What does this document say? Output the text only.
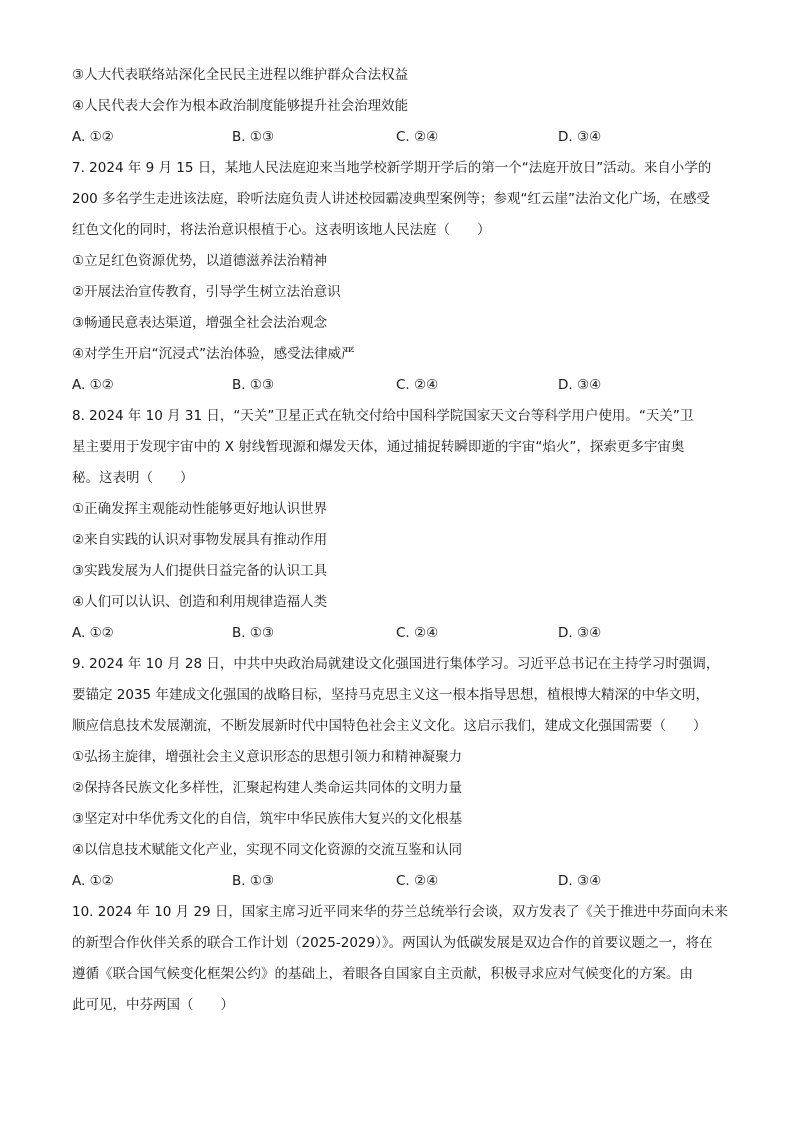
③人大代表联络站深化全民民主进程以维护群众合法权益
④人民代表大会作为根本政治制度能够提升社会治理效能
A. ①②	B. ①③	C. ②④	D. ③④
7. 2024 年 9 月 15 日，某地人民法庭迎来当地学校新学期开学后的第一个“法庭开放日”活动。来自小学的
200 多名学生走进该法庭，聆听法庭负责人讲述校园霸凌典型案例等；参观“红云崖”法治文化广场，在感受
红色文化的同时，将法治意识根植于心。这表明该地人民法庭（　　）
①立足红色资源优势，以道德滋养法治精神
②开展法治宣传教育，引导学生树立法治意识
③畅通民意表达渠道，增强全社会法治观念
④对学生开启“沉浸式”法治体验，感受法律威严
A. ①②	B. ①③	C. ②④	D. ③④
8. 2024 年 10 月 31 日，“天关”卫星正式在轨交付给中国科学院国家天文台等科学用户使用。“天关”卫
星主要用于发现宇宙中的 X 射线暂现源和爆发天体，通过捕捉转瞬即逝的宇宙“焰火”，探索更多宇宙奥
秘。这表明（　　）
①正确发挥主观能动性能够更好地认识世界
②来自实践的认识对事物发展具有推动作用
③实践发展为人们提供日益完备的认识工具
④人们可以认识、创造和利用规律造福人类
A. ①②	B. ①③	C. ②④	D. ③④
9. 2024 年 10 月 28 日，中共中央政治局就建设文化强国进行集体学习。习近平总书记在主持学习时强调，
要锚定 2035 年建成文化强国的战略目标，坚持马克思主义这一根本指导思想，植根博大精深的中华文明，
顺应信息技术发展潮流，不断发展新时代中国特色社会主义文化。这启示我们，建成文化强国需要（　　）
①弘扬主旋律，增强社会主义意识形态的思想引领力和精神凝聚力
②保持各民族文化多样性，汇聚起构建人类命运共同体的文明力量
③坚定对中华优秀文化的自信，筑牢中华民族伟大复兴的文化根基
④以信息技术赋能文化产业，实现不同文化资源的交流互鉴和认同
A. ①②	B. ①③	C. ②④	D. ③④
10. 2024 年 10 月 29 日，国家主席习近平同来华的芬兰总统举行会谈，双方发表了《关于推进中芬面向未来
的新型合作伙伴关系的联合工作计划（2025-2029）》。两国认为低碳发展是双边合作的首要议题之一，将在
遵循《联合国气候变化框架公约》的基础上，着眼各自国家自主贡献，积极寻求应对气候变化的方案。由
此可见，中芬两国（　　）
